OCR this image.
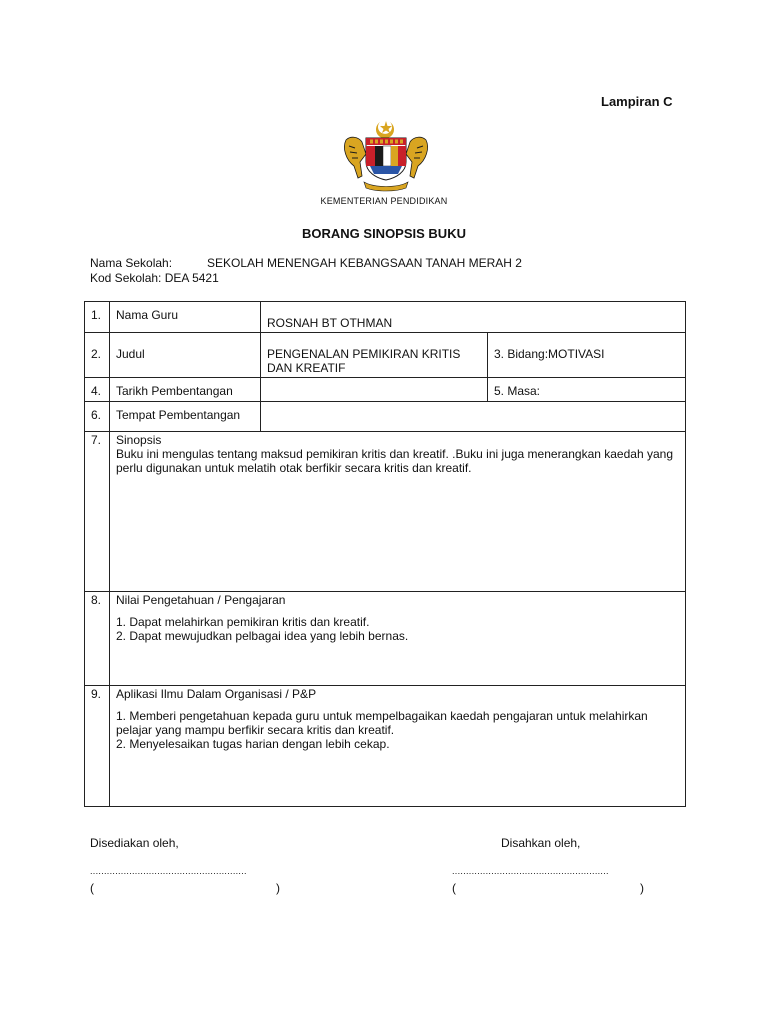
Lampiran C
KEMENTERIAN PENDIDIKAN
BORANG SINOPSIS BUKU
Nama Sekolah:	SEKOLAH MENENGAH KEBANGSAAN TANAH MERAH 2
Kod Sekolah: DEA 5421
1.	Nama Guru	ROSNAH BT OTHMAN	
2.	Judul	PENGENALAN PEMIKIRAN KRITIS DAN KREATIF	3. Bidang:MOTIVASI
4.	Tarikh Pembentangan		5. Masa:
6.	Tempat Pembentangan		
7.	Sinopsis
Buku ini mengulas tentang maksud pemikiran kritis dan kreatif. .Buku ini juga menerangkan kaedah yang perlu digunakan untuk melatih otak berfikir secara kritis dan kreatif.		

8.	Nilai Pengetahuan / Pengajaran
1. Dapat melahirkan pemikiran kritis dan kreatif.
2. Dapat mewujudkan pelbagai idea yang lebih bernas.		

9.	Aplikasi Ilmu Dalam Organisasi / P&P
1. Memberi pengetahuan kepada guru untuk mempelbagaikan kaedah pengajaran untuk melahirkan pelajar yang mampu berfikir secara kritis dan kreatif.
2. Menyelesaikan tugas harian dengan lebih cekap.		
Disediakan oleh,	Disahkan oleh,
........................................................	........................................................
(	)	(	)
